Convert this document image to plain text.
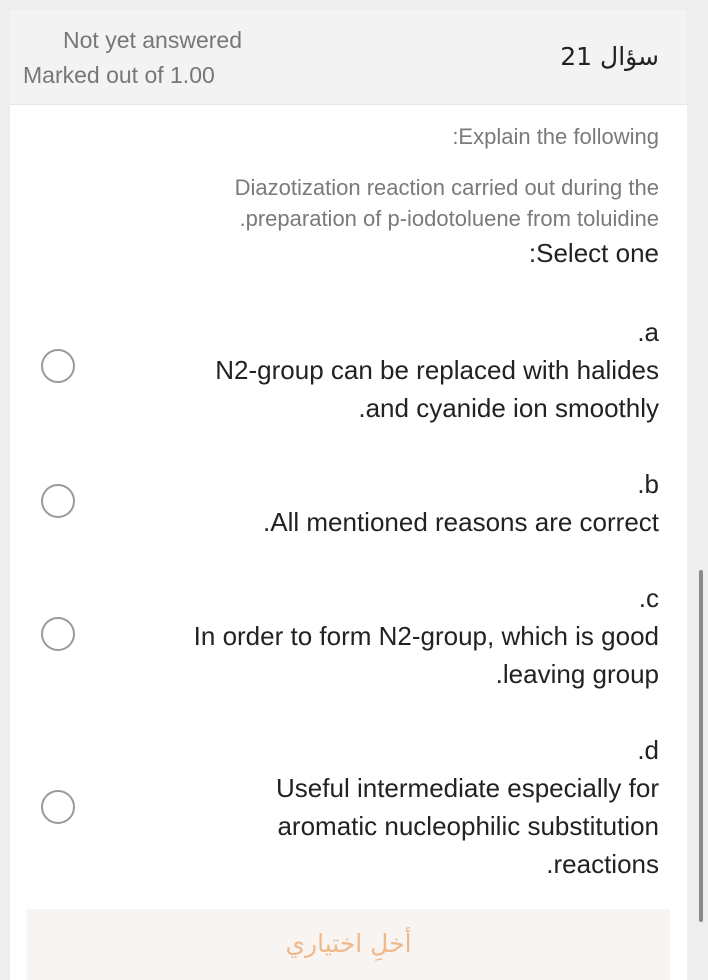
Not yet answered
Marked out of 1.00
سؤال 21
:Explain the following
Diazotization reaction carried out during the
.preparation of p-iodotoluene from toluidine
:Select one
.a
N2-group can be replaced with halides
.and cyanide ion smoothly
.b
.All mentioned reasons are correct
.c
In order to form N2-group, which is good
.leaving group
.d
Useful intermediate especially for
aromatic nucleophilic substitution
.reactions
أخلِ اختياري
